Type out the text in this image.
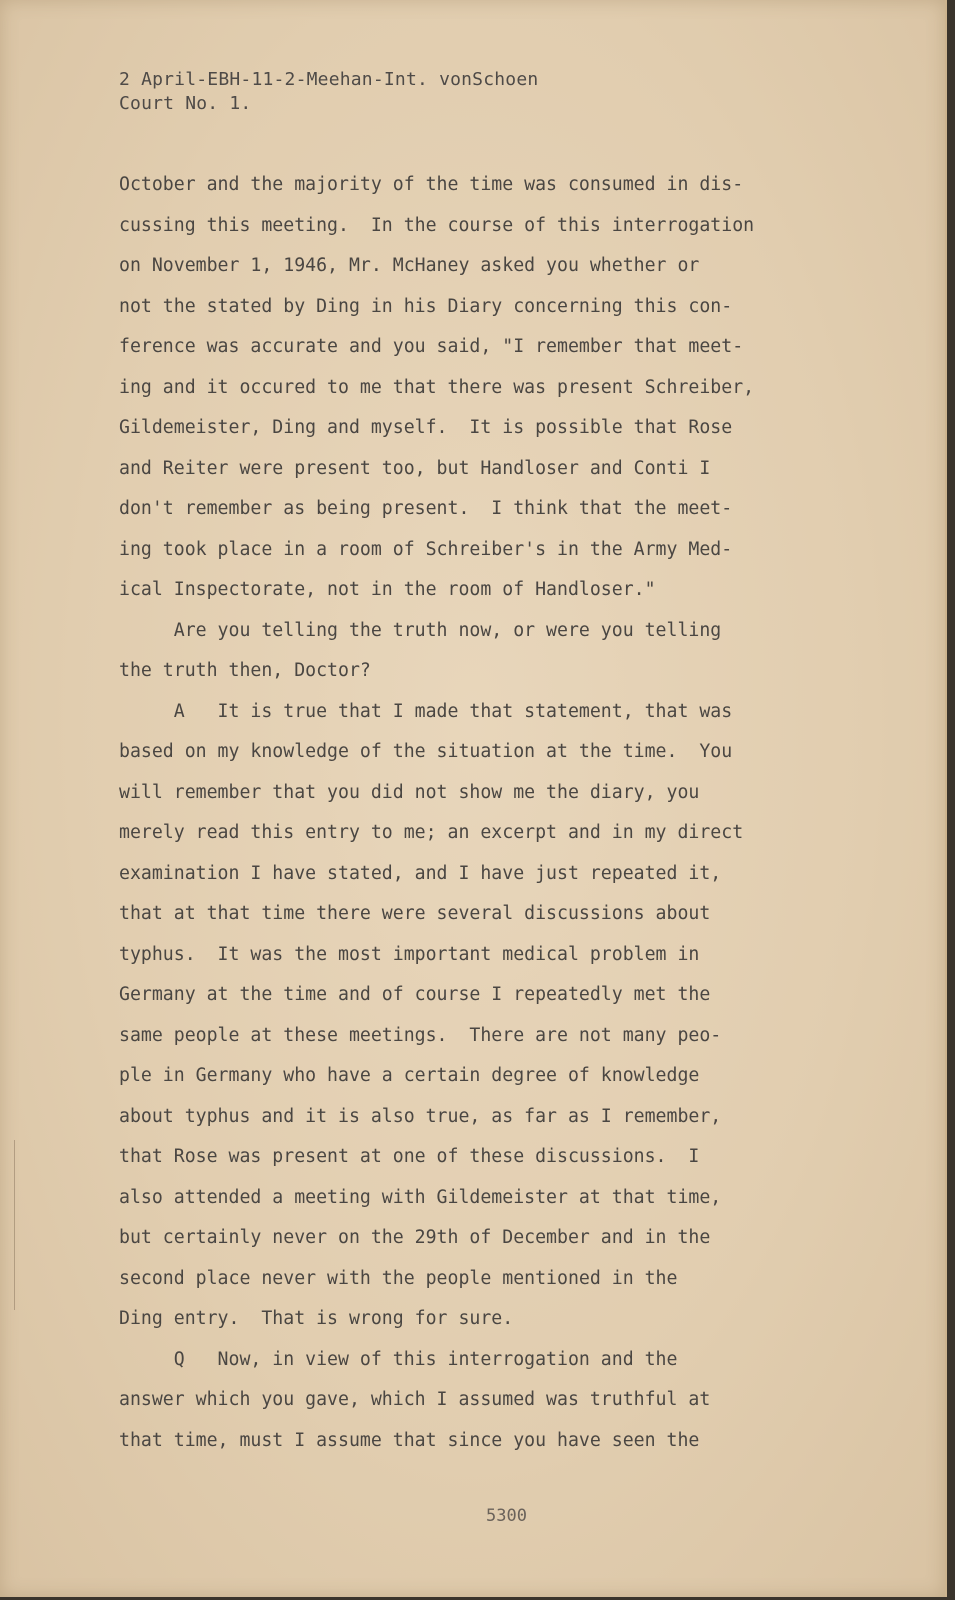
2 April-EBH-11-2-Meehan-Int. vonSchoen
Court No. 1.
October and the majority of the time was consumed in dis-
cussing this meeting.  In the course of this interrogation
on November 1, 1946, Mr. McHaney asked you whether or
not the stated by Ding in his Diary concerning this con-
ference was accurate and you said, "I remember that meet-
ing and it occured to me that there was present Schreiber,
Gildemeister, Ding and myself.  It is possible that Rose
and Reiter were present too, but Handloser and Conti I
don't remember as being present.  I think that the meet-
ing took place in a room of Schreiber's in the Army Med-
ical Inspectorate, not in the room of Handloser."
Are you telling the truth now, or were you telling
the truth then, Doctor?
A   It is true that I made that statement, that was
based on my knowledge of the situation at the time.  You
will remember that you did not show me the diary, you
merely read this entry to me; an excerpt and in my direct
examination I have stated, and I have just repeated it,
that at that time there were several discussions about
typhus.  It was the most important medical problem in
Germany at the time and of course I repeatedly met the
same people at these meetings.  There are not many peo-
ple in Germany who have a certain degree of knowledge
about typhus and it is also true, as far as I remember,
that Rose was present at one of these discussions.  I
also attended a meeting with Gildemeister at that time,
but certainly never on the 29th of December and in the
second place never with the people mentioned in the
Ding entry.  That is wrong for sure.
Q   Now, in view of this interrogation and the
answer which you gave, which I assumed was truthful at
that time, must I assume that since you have seen the
5300
